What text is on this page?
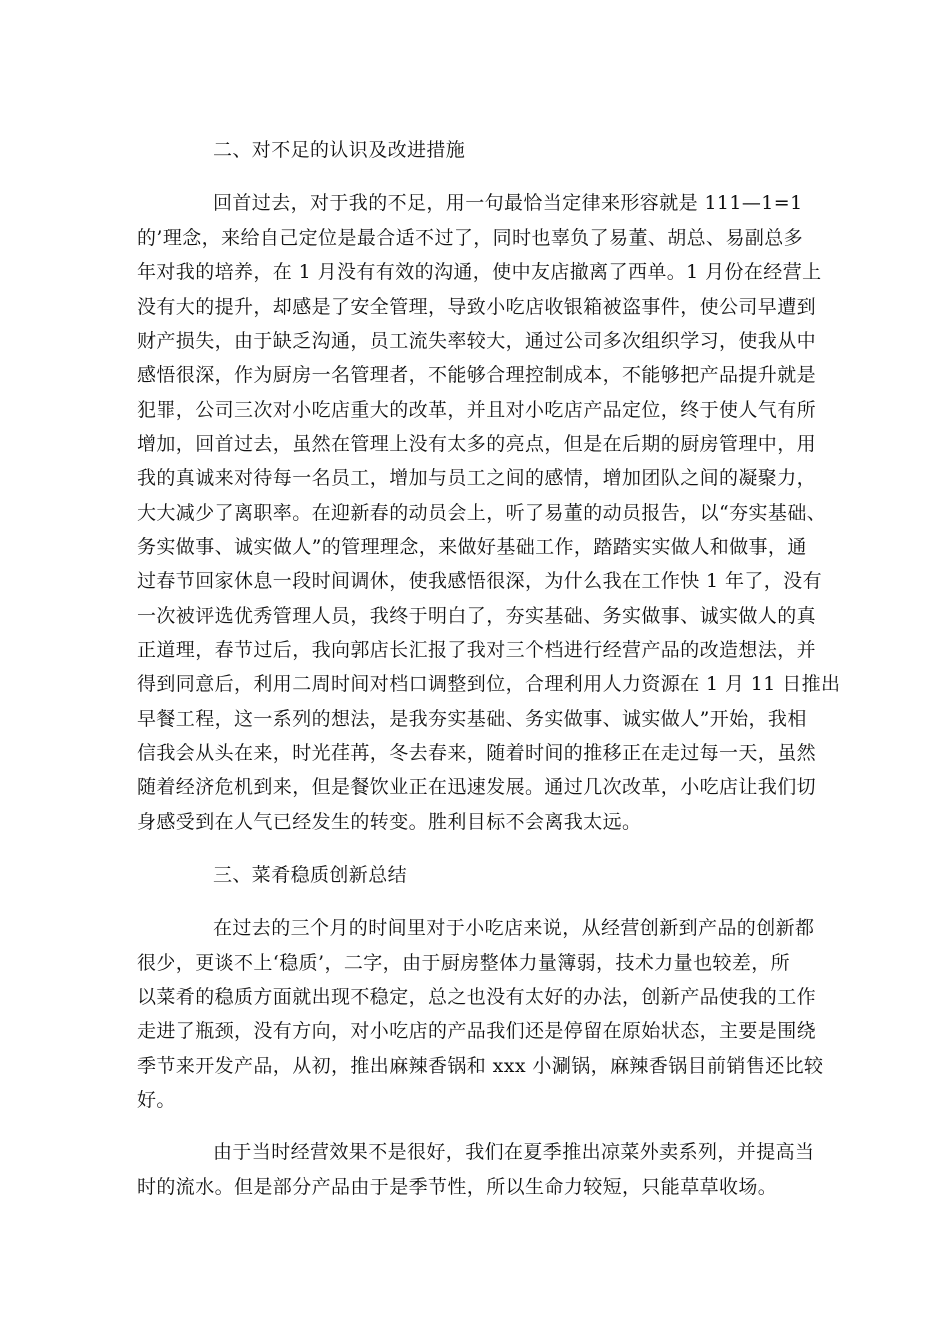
二、对不足的认识及改进措施
回首过去，对于我的不足，用一句最恰当定律来形容就是 111—1=1
的’理念，来给自己定位是最合适不过了，同时也辜负了易董、胡总、易副总多
年对我的培养，在 1 月没有有效的沟通，使中友店撤离了西单。1 月份在经营上
没有大的提升，却感是了安全管理，导致小吃店收银箱被盗事件，使公司早遭到
财产损失，由于缺乏沟通，员工流失率较大，通过公司多次组织学习，使我从中
感悟很深，作为厨房一名管理者，不能够合理控制成本，不能够把产品提升就是
犯罪，公司三次对小吃店重大的改革，并且对小吃店产品定位，终于使人气有所
增加，回首过去，虽然在管理上没有太多的亮点，但是在后期的厨房管理中，用
我的真诚来对待每一名员工，增加与员工之间的感情，增加团队之间的凝聚力，
大大减少了离职率。在迎新春的动员会上，听了易董的动员报告，以“夯实基础、
务实做事、诚实做人”的管理理念，来做好基础工作，踏踏实实做人和做事，通
过春节回家休息一段时间调休，使我感悟很深，为什么我在工作快 1 年了，没有
一次被评选优秀管理人员，我终于明白了，夯实基础、务实做事、诚实做人的真
正道理，春节过后，我向郭店长汇报了我对三个档进行经营产品的改造想法，并
得到同意后，利用二周时间对档口调整到位，合理利用人力资源在 1 月 11 日推出
早餐工程，这一系列的想法，是我夯实基础、务实做事、诚实做人”开始，我相
信我会从头在来，时光荏苒，冬去春来，随着时间的推移正在走过每一天，虽然
随着经济危机到来，但是餐饮业正在迅速发展。通过几次改革，小吃店让我们切
身感受到在人气已经发生的转变。胜利目标不会离我太远。
三、菜肴稳质创新总结
在过去的三个月的时间里对于小吃店来说，从经营创新到产品的创新都
很少，更谈不上‘稳质’，二字，由于厨房整体力量簿弱，技术力量也较差，所
以菜肴的稳质方面就出现不稳定，总之也没有太好的办法，创新产品使我的工作
走进了瓶颈，没有方向，对小吃店的产品我们还是停留在原始状态，主要是围绕
季节来开发产品，从初，推出麻辣香锅和 xxx 小涮锅，麻辣香锅目前销售还比较
好。
由于当时经营效果不是很好，我们在夏季推出凉菜外卖系列，并提高当
时的流水。但是部分产品由于是季节性，所以生命力较短，只能草草收场。
